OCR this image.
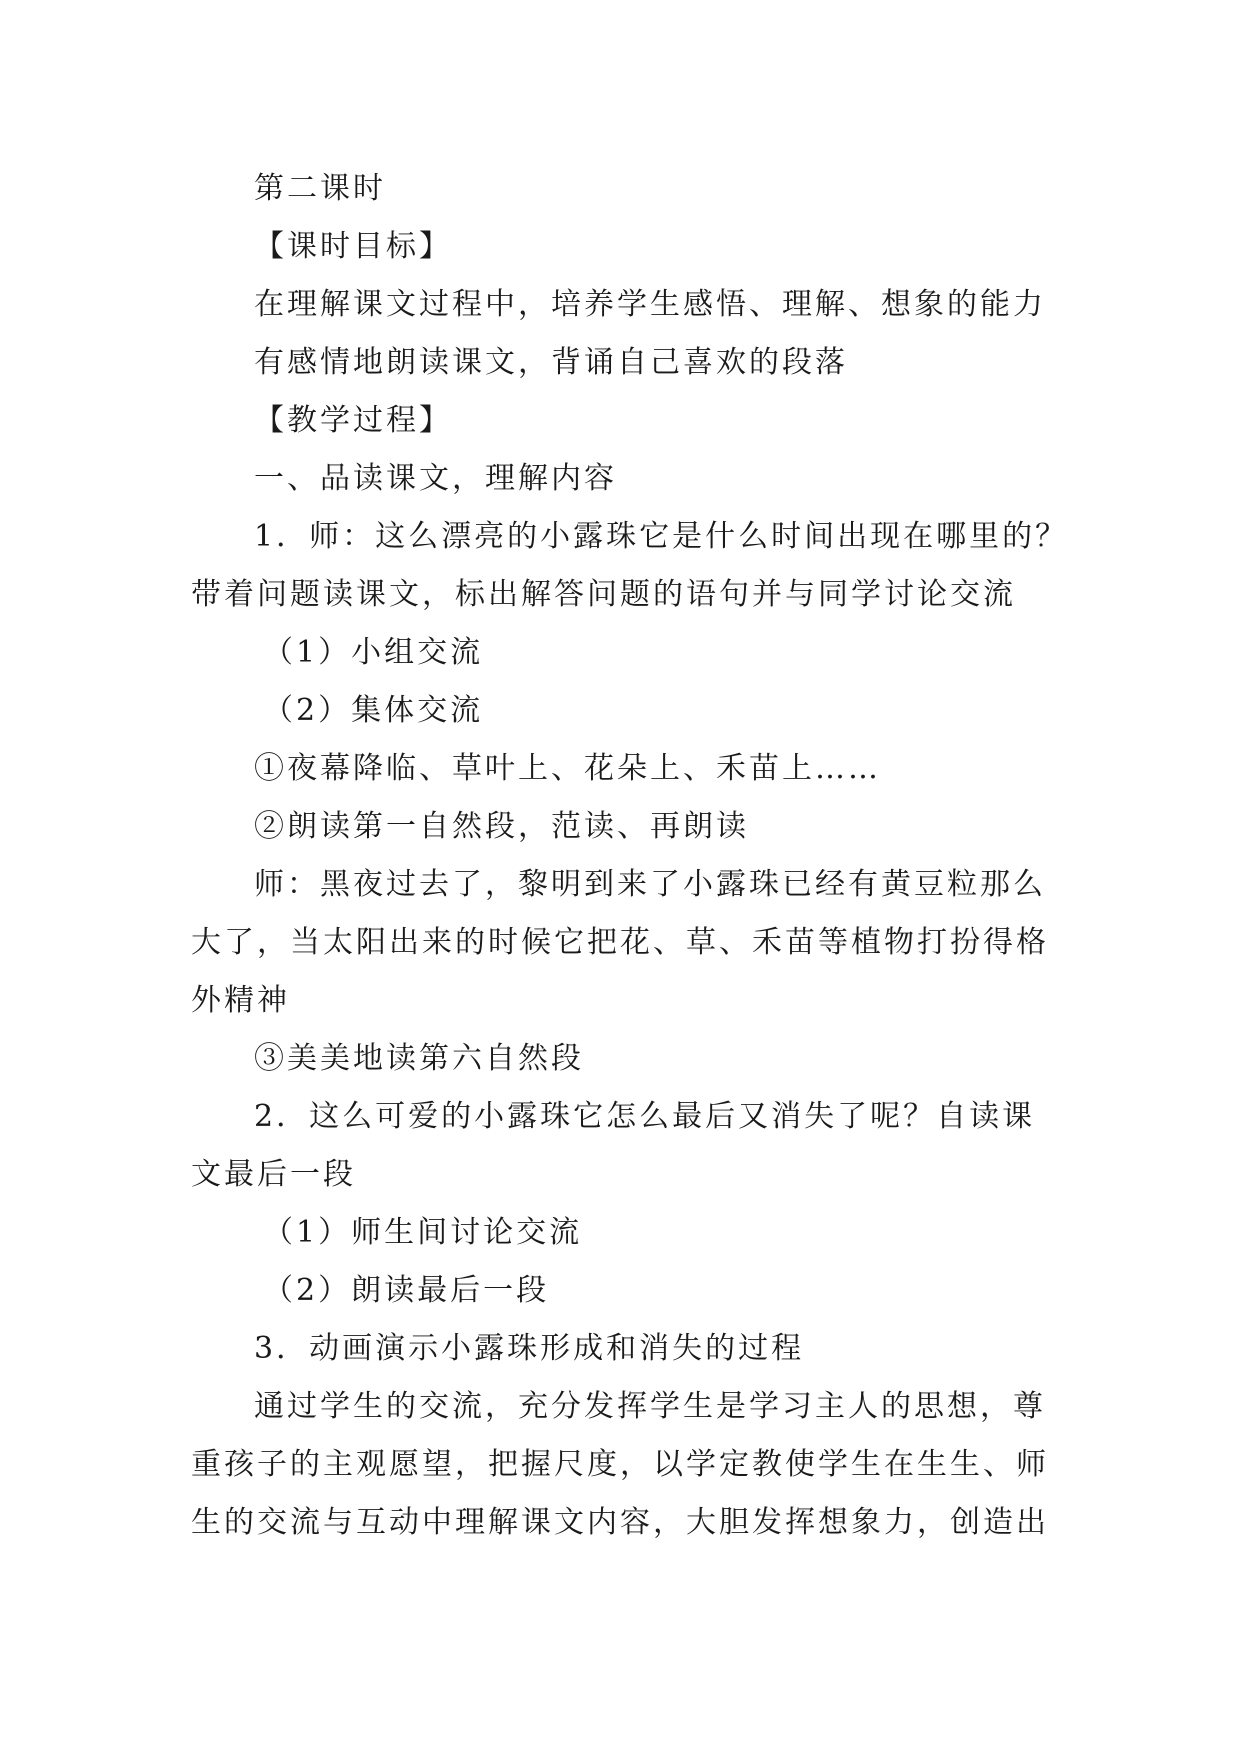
第二课时

【课时目标】

在理解课文过程中，培养学生感悟、理解、想象的能力

有感情地朗读课文，背诵自己喜欢的段落

【教学过程】

一、品读课文，理解内容

1．师：这么漂亮的小露珠它是什么时间出现在哪里的？

带着问题读课文，标出解答问题的语句并与同学讨论交流

（1）小组交流

（2）集体交流

①夜幕降临、草叶上、花朵上、禾苗上……

②朗读第一自然段，范读、再朗读

师：黑夜过去了，黎明到来了小露珠已经有黄豆粒那么

大了，当太阳出来的时候它把花、草、禾苗等植物打扮得格

外精神

③美美地读第六自然段

2．这么可爱的小露珠它怎么最后又消失了呢？自读课

文最后一段

（1）师生间讨论交流

（2）朗读最后一段

3．动画演示小露珠形成和消失的过程

通过学生的交流，充分发挥学生是学习主人的思想，尊

重孩子的主观愿望，把握尺度，以学定教使学生在生生、师

生的交流与互动中理解课文内容，大胆发挥想象力，创造出
